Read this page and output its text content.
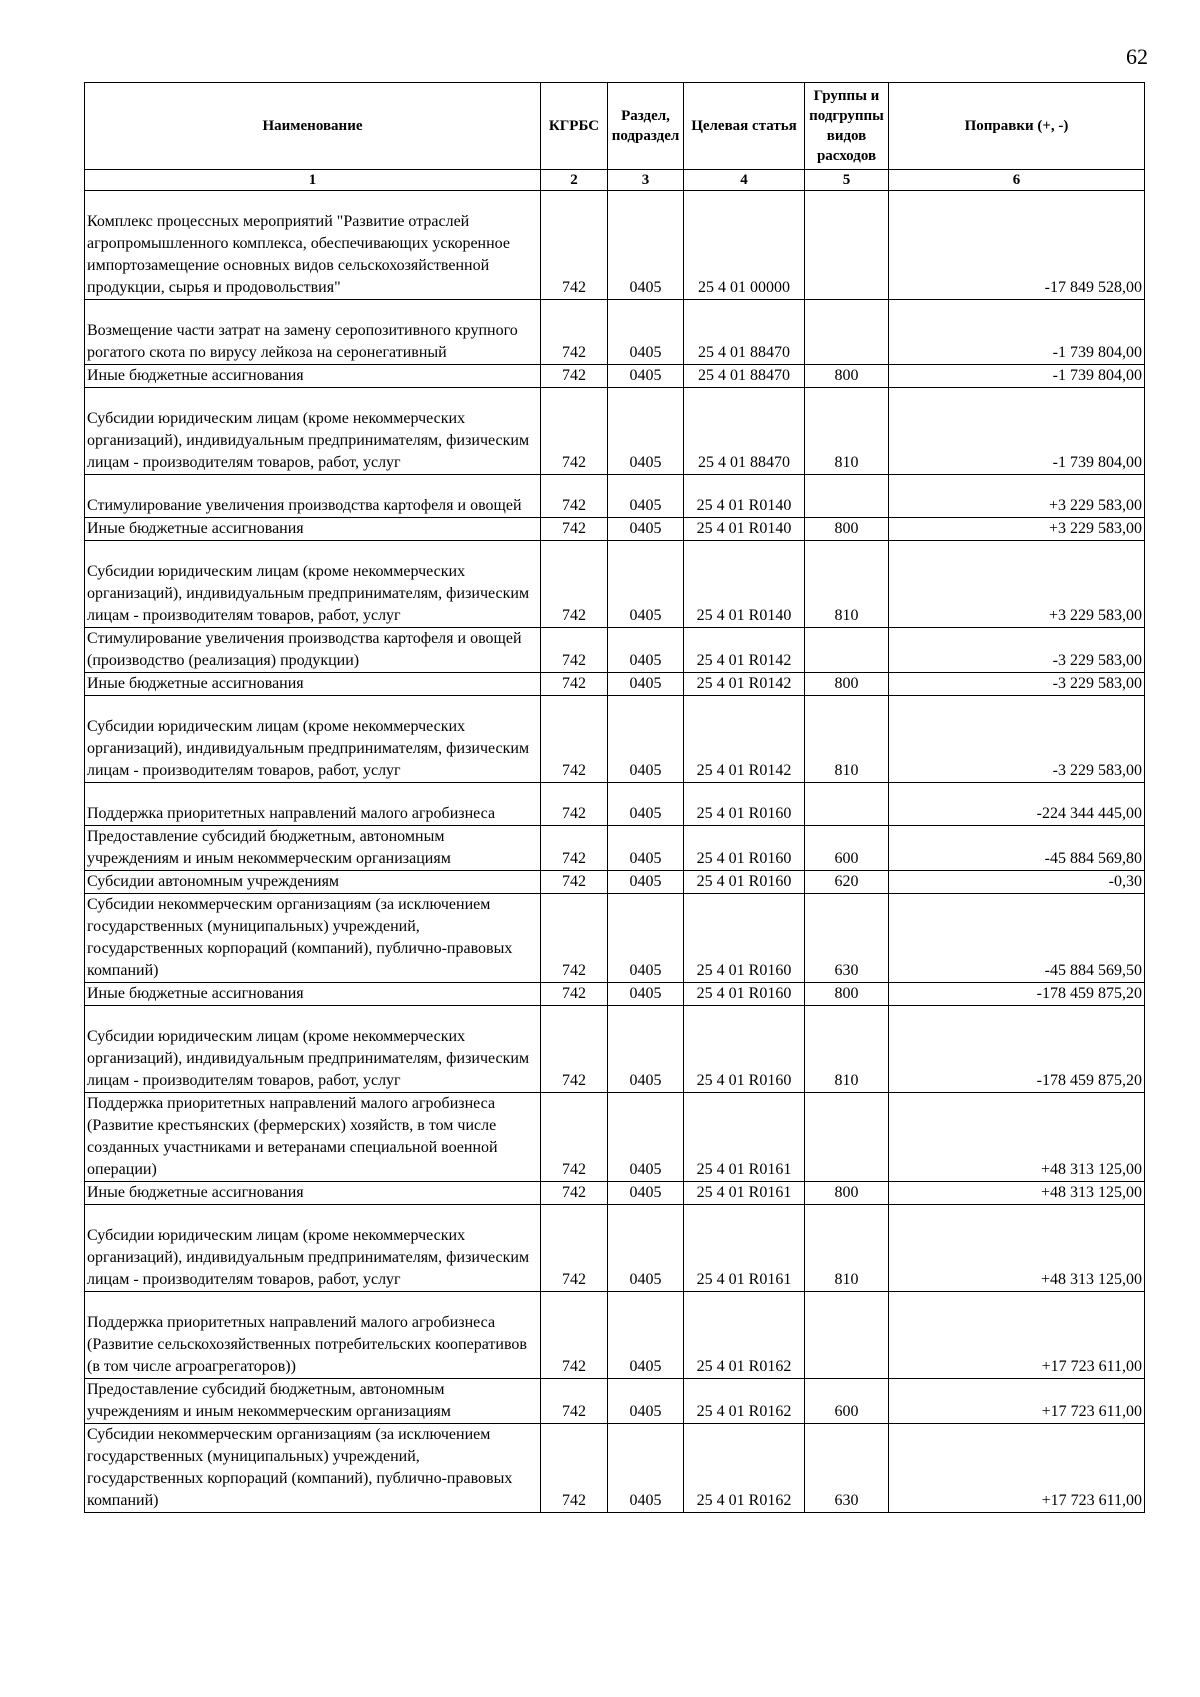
62
Наименование	КГРБС	Раздел, подраздел	Целевая статья	Группы и подгруппы видов расходов	Поправки (+, -)
1	2	3	4	5	6

Комплекс процессных мероприятий "Развитие отраслей агропромышленного комплекса, обеспечивающих ускоренное импортозамещение основных видов сельскохозяйственной продукции, сырья и продовольствия"	742	0405	25 4 01 00000		-17 849 528,00

Возмещение части затрат на замену серопозитивного крупного рогатого скота по вирусу лейкоза на серонегативный	742	0405	25 4 01 88470		-1 739 804,00
Иные бюджетные ассигнования	742	0405	25 4 01 88470	800	-1 739 804,00

Субсидии юридическим лицам (кроме некоммерческих организаций), индивидуальным предпринимателям, физическим лицам - производителям товаров, работ, услуг	742	0405	25 4 01 88470	810	-1 739 804,00

Стимулирование увеличения производства картофеля и овощей	742	0405	25 4 01 R0140		+3 229 583,00
Иные бюджетные ассигнования	742	0405	25 4 01 R0140	800	+3 229 583,00

Субсидии юридическим лицам (кроме некоммерческих организаций), индивидуальным предпринимателям, физическим лицам - производителям товаров, работ, услуг	742	0405	25 4 01 R0140	810	+3 229 583,00
Стимулирование увеличения производства картофеля и овощей (производство (реализация) продукции)	742	0405	25 4 01 R0142		-3 229 583,00
Иные бюджетные ассигнования	742	0405	25 4 01 R0142	800	-3 229 583,00

Субсидии юридическим лицам (кроме некоммерческих организаций), индивидуальным предпринимателям, физическим лицам - производителям товаров, работ, услуг	742	0405	25 4 01 R0142	810	-3 229 583,00

Поддержка приоритетных направлений малого агробизнеса	742	0405	25 4 01 R0160		-224 344 445,00
Предоставление субсидий бюджетным, автономным учреждениям и иным некоммерческим организациям	742	0405	25 4 01 R0160	600	-45 884 569,80
Субсидии автономным учреждениям	742	0405	25 4 01 R0160	620	-0,30
Субсидии некоммерческим организациям (за исключением государственных (муниципальных) учреждений, государственных корпораций (компаний), публично-правовых компаний)	742	0405	25 4 01 R0160	630	-45 884 569,50
Иные бюджетные ассигнования	742	0405	25 4 01 R0160	800	-178 459 875,20

Субсидии юридическим лицам (кроме некоммерческих организаций), индивидуальным предпринимателям, физическим лицам - производителям товаров, работ, услуг	742	0405	25 4 01 R0160	810	-178 459 875,20
Поддержка приоритетных направлений малого агробизнеса (Развитие крестьянских (фермерских) хозяйств, в том числе созданных участниками и ветеранами специальной военной операции)	742	0405	25 4 01 R0161		+48 313 125,00
Иные бюджетные ассигнования	742	0405	25 4 01 R0161	800	+48 313 125,00

Субсидии юридическим лицам (кроме некоммерческих организаций), индивидуальным предпринимателям, физическим лицам - производителям товаров, работ, услуг	742	0405	25 4 01 R0161	810	+48 313 125,00

Поддержка приоритетных направлений малого агробизнеса (Развитие сельскохозяйственных потребительских кооперативов (в том числе агроагрегаторов))	742	0405	25 4 01 R0162		+17 723 611,00
Предоставление субсидий бюджетным, автономным учреждениям и иным некоммерческим организациям	742	0405	25 4 01 R0162	600	+17 723 611,00
Субсидии некоммерческим организациям (за исключением государственных (муниципальных) учреждений, государственных корпораций (компаний), публично-правовых компаний)	742	0405	25 4 01 R0162	630	+17 723 611,00
